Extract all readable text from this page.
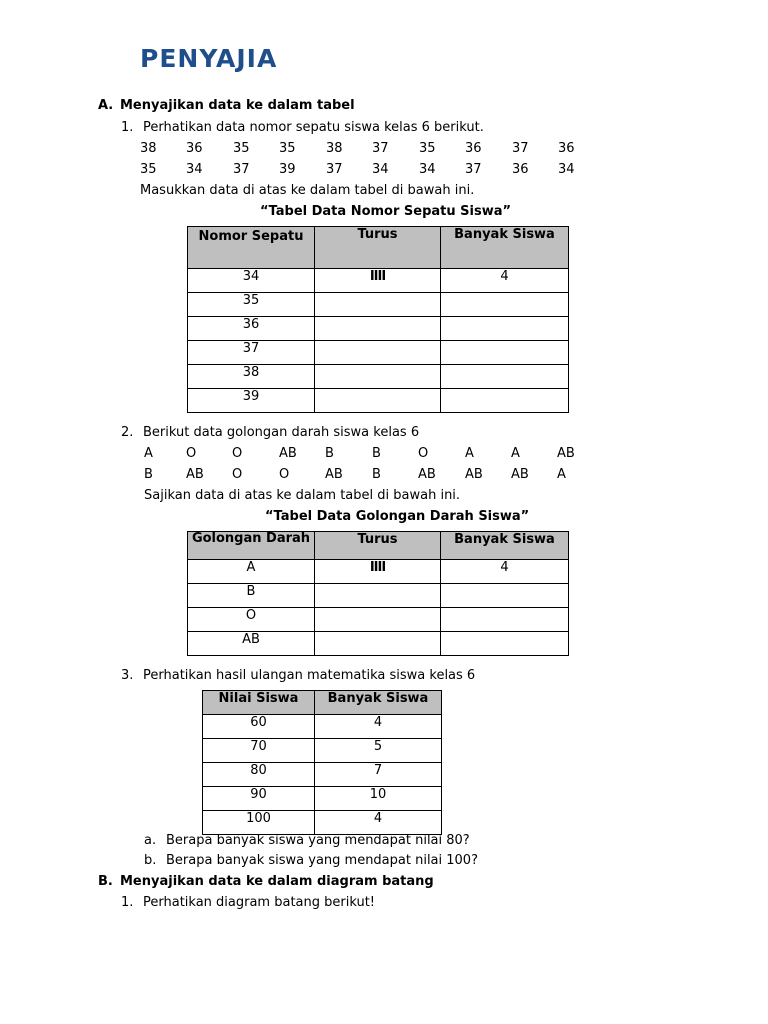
PENYAJIA
A. Menyajikan data ke dalam tabel
1. Perhatikan data nomor sepatu siswa kelas 6 berikut.
38 36 35 35 38 37 35 36 37 36
35 34 37 39 37 34 34 37 36 34
Masukkan data di atas ke dalam tabel di bawah ini.
“Tabel Data Nomor Sepatu Siswa”
Nomor Sepatu	Turus	Banyak Siswa
34	IIII	4
35		
36		
37		
38		
39		
2. Berikut data golongan darah siswa kelas 6
A	O	O	AB B	B	O	A	A	AB
B	AB O	O	AB B	AB AB AB A
Sajikan data di atas ke dalam tabel di bawah ini.
“Tabel Data Golongan Darah Siswa”
Golongan Darah	Turus	Banyak Siswa
A	IIII	4
B		
O		
AB		
3. Perhatikan hasil ulangan matematika siswa kelas 6
Nilai Siswa	Banyak Siswa
60	4
70	5
80	7
90	10
100	4
a. Berapa banyak siswa yang mendapat nilai 80?
b. Berapa banyak siswa yang mendapat nilai 100?
B. Menyajikan data ke dalam diagram batang
1. Perhatikan diagram batang berikut!
